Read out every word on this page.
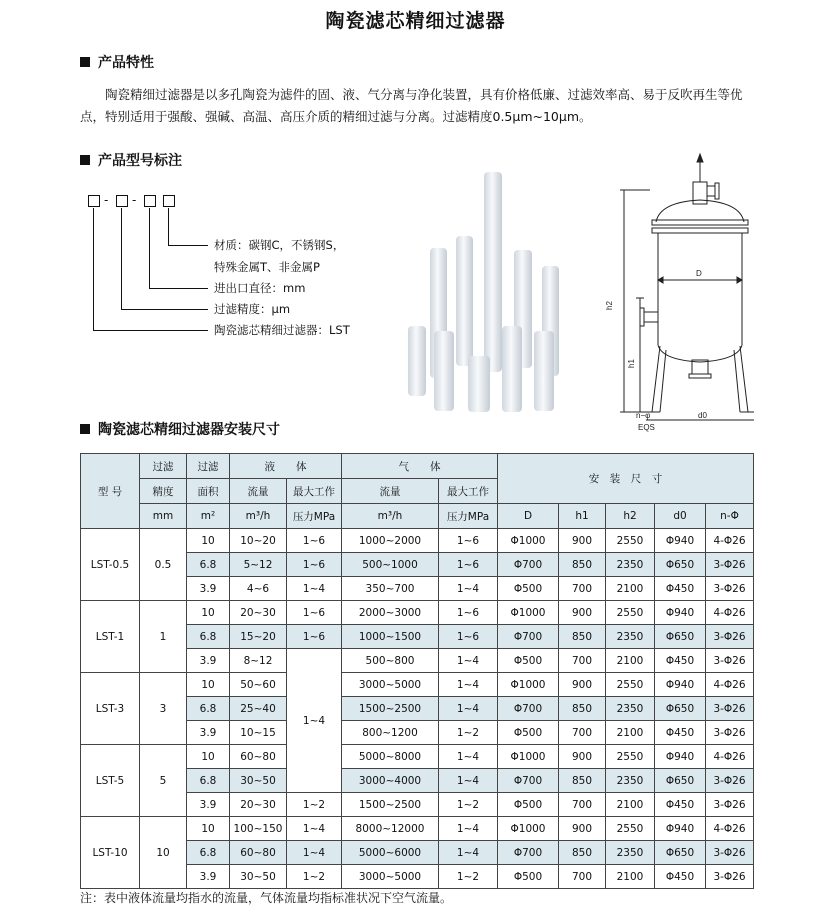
陶瓷滤芯精细过滤器
产品特性
陶瓷精细过滤器是以多孔陶瓷为滤件的固、液、气分离与净化装置，具有价格低廉、过滤效率高、易于反吹再生等优点，特别适用于强酸、强碱、高温、高压介质的精细过滤与分离。过滤精度0.5μm~10μm。
产品型号标注
- -
材质：碳钢C，不锈钢S，
特殊金属T、非金属P
进出口直径：mm
过滤精度：μm
陶瓷滤芯精细过滤器：LST
D
h2
h1
d0
n−φ
EQS
陶瓷滤芯精细过滤器安装尺寸
型 号	过滤	过滤	液　　体		气　　体		安　装　尺　寸				
	精度	面积	流量	最大工作	流量	最大工作					
	mm	m²	m³/h	压力MPa	m³/h	压力MPa	D	h1	h2	d0	n-Φ
LST-0.5	0.5	10	10~20	1~6	1000~2000	1~6	Φ1000	900	2550	Φ940	4-Φ26
		6.8	5~12	1~6	500~1000	1~6	Φ700	850	2350	Φ650	3-Φ26
		3.9	4~6	1~4	350~700	1~4	Φ500	700	2100	Φ450	3-Φ26
LST-1	1	10	20~30	1~6	2000~3000	1~6	Φ1000	900	2550	Φ940	4-Φ26
		6.8	15~20	1~6	1000~1500	1~6	Φ700	850	2350	Φ650	3-Φ26
		3.9	8~12	1~4	500~800	1~4	Φ500	700	2100	Φ450	3-Φ26
LST-3	3	10	50~60		3000~5000	1~4	Φ1000	900	2550	Φ940	4-Φ26
		6.8	25~40		1500~2500	1~4	Φ700	850	2350	Φ650	3-Φ26
		3.9	10~15		800~1200	1~2	Φ500	700	2100	Φ450	3-Φ26
LST-5	5	10	60~80		5000~8000	1~4	Φ1000	900	2550	Φ940	4-Φ26
		6.8	30~50		3000~4000	1~4	Φ700	850	2350	Φ650	3-Φ26
		3.9	20~30	1~2	1500~2500	1~2	Φ500	700	2100	Φ450	3-Φ26
LST-10	10	10	100~150	1~4	8000~12000	1~4	Φ1000	900	2550	Φ940	4-Φ26
		6.8	60~80	1~4	5000~6000	1~4	Φ700	850	2350	Φ650	3-Φ26
		3.9	30~50	1~2	3000~5000	1~2	Φ500	700	2100	Φ450	3-Φ26
注：表中液体流量均指水的流量，气体流量均指标准状况下空气流量。
